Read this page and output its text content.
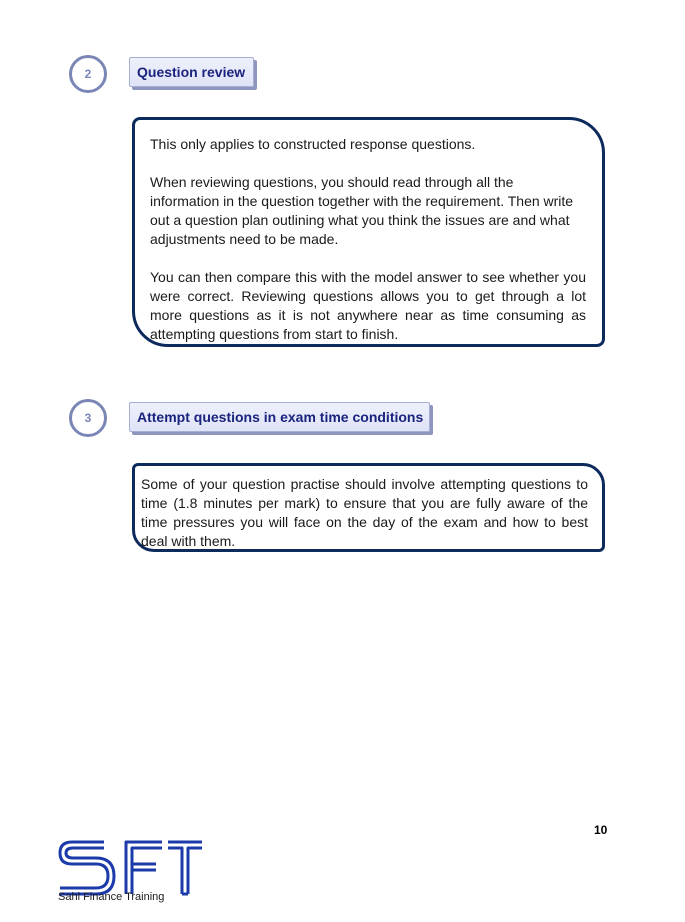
2	Question review

This only applies to constructed response questions.

When reviewing questions, you should read through all the information in the question together with the requirement. Then write out a question plan outlining what you think the issues are and what adjustments need to be made.

You can then compare this with the model answer to see whether you were correct. Reviewing questions allows you to get through a lot more questions as it is not anywhere near as time consuming as attempting questions from start to finish.

3	Attempt questions in exam time conditions

Some of your question practise should involve attempting questions to time (1.8 minutes per mark) to ensure that you are fully aware of the time pressures you will face on the day of the exam and how to best deal with them.

10
Sahl Finance Training
